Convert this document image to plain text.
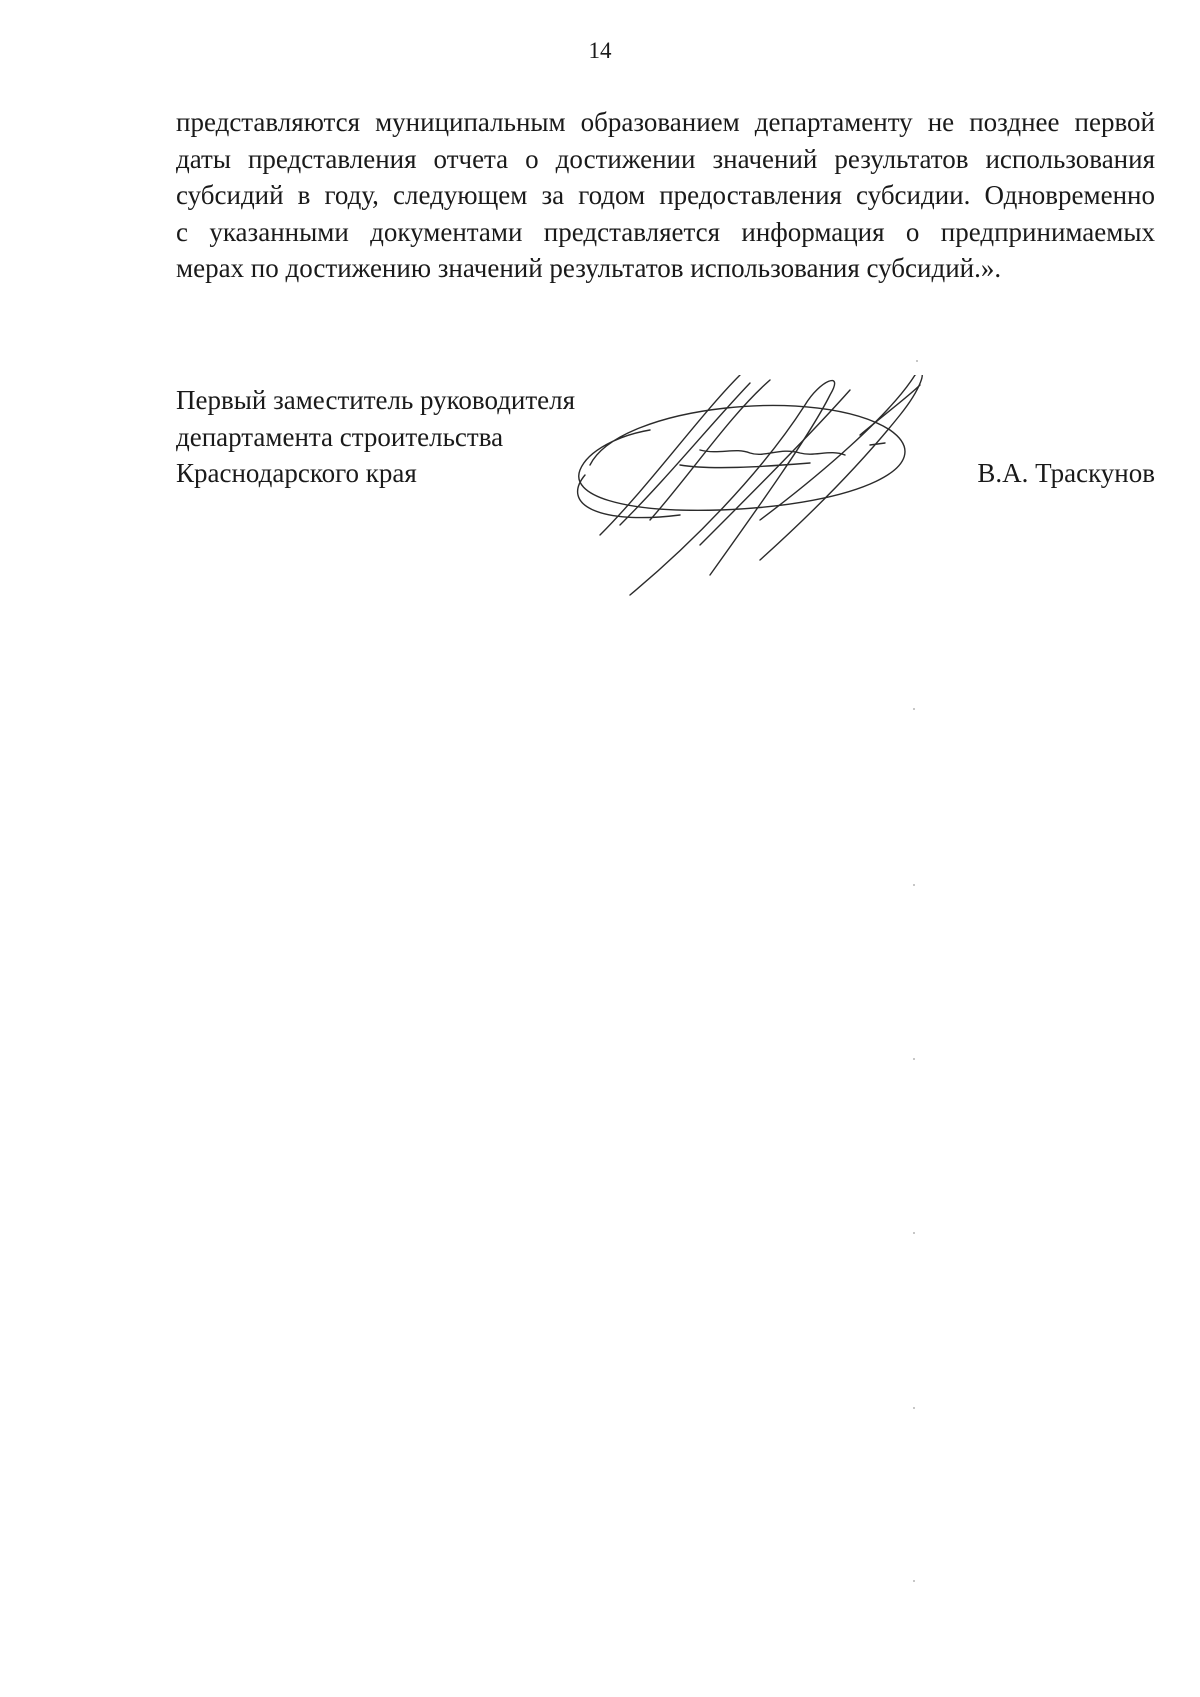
14
представляются муниципальным образованием департаменту не позднее первой
даты представления отчета о достижении значений результатов использования
субсидий в году, следующем за годом предоставления субсидии. Одновременно
с указанными документами представляется информация о предпринимаемых
мерах по достижению значений результатов использования субсидий.».
Первый заместитель руководителя
департамента строительства
Краснодарского края	В.А. Траскунов
